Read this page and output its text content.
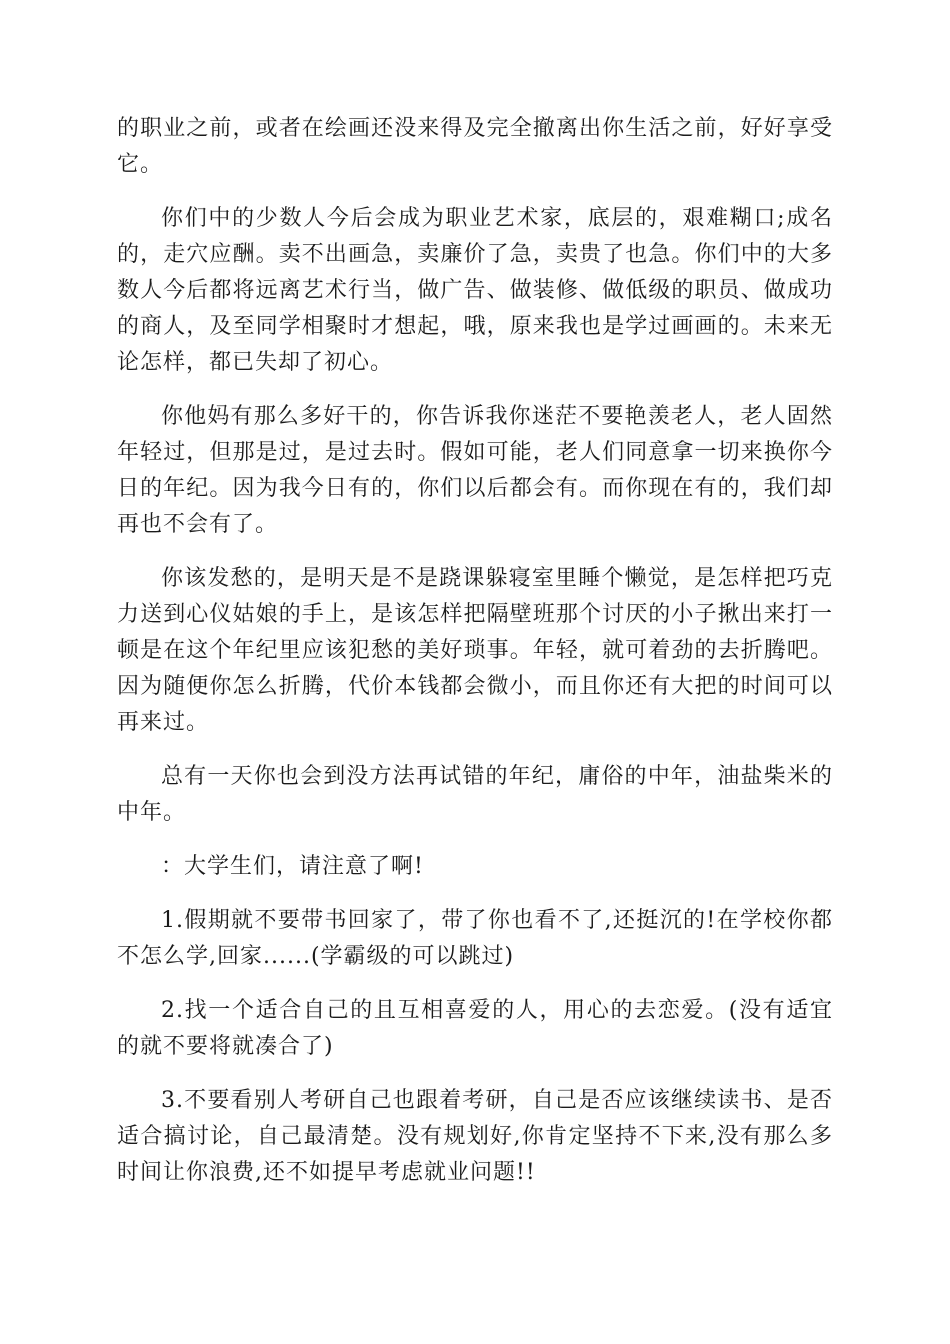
的职业之前，或者在绘画还没来得及完全撤离出你生活之前，好好享受它。

你们中的少数人今后会成为职业艺术家，底层的，艰难糊口;成名的，走穴应酬。卖不出画急，卖廉价了急，卖贵了也急。你们中的大多数人今后都将远离艺术行当，做广告、做装修、做低级的职员、做成功的商人，及至同学相聚时才想起，哦，原来我也是学过画画的。未来无论怎样，都已失却了初心。

你他妈有那么多好干的，你告诉我你迷茫不要艳羡老人，老人固然年轻过，但那是过，是过去时。假如可能，老人们同意拿一切来换你今日的年纪。因为我今日有的，你们以后都会有。而你现在有的，我们却再也不会有了。

你该发愁的，是明天是不是跷课躲寝室里睡个懒觉，是怎样把巧克力送到心仪姑娘的手上，是该怎样把隔壁班那个讨厌的小子揪出来打一顿是在这个年纪里应该犯愁的美好琐事。年轻，就可着劲的去折腾吧。因为随便你怎么折腾，代价本钱都会微小，而且你还有大把的时间可以再来过。

总有一天你也会到没方法再试错的年纪，庸俗的中年，油盐柴米的中年。

：大学生们，请注意了啊!

1.假期就不要带书回家了，带了你也看不了,还挺沉的!在学校你都不怎么学,回家......(学霸级的可以跳过)

2.找一个适合自己的且互相喜爱的人，用心的去恋爱。(没有适宜的就不要将就凑合了)

3.不要看别人考研自己也跟着考研，自己是否应该继续读书、是否适合搞讨论，自己最清楚。没有规划好,你肯定坚持不下来,没有那么多时间让你浪费,还不如提早考虑就业问题!!
